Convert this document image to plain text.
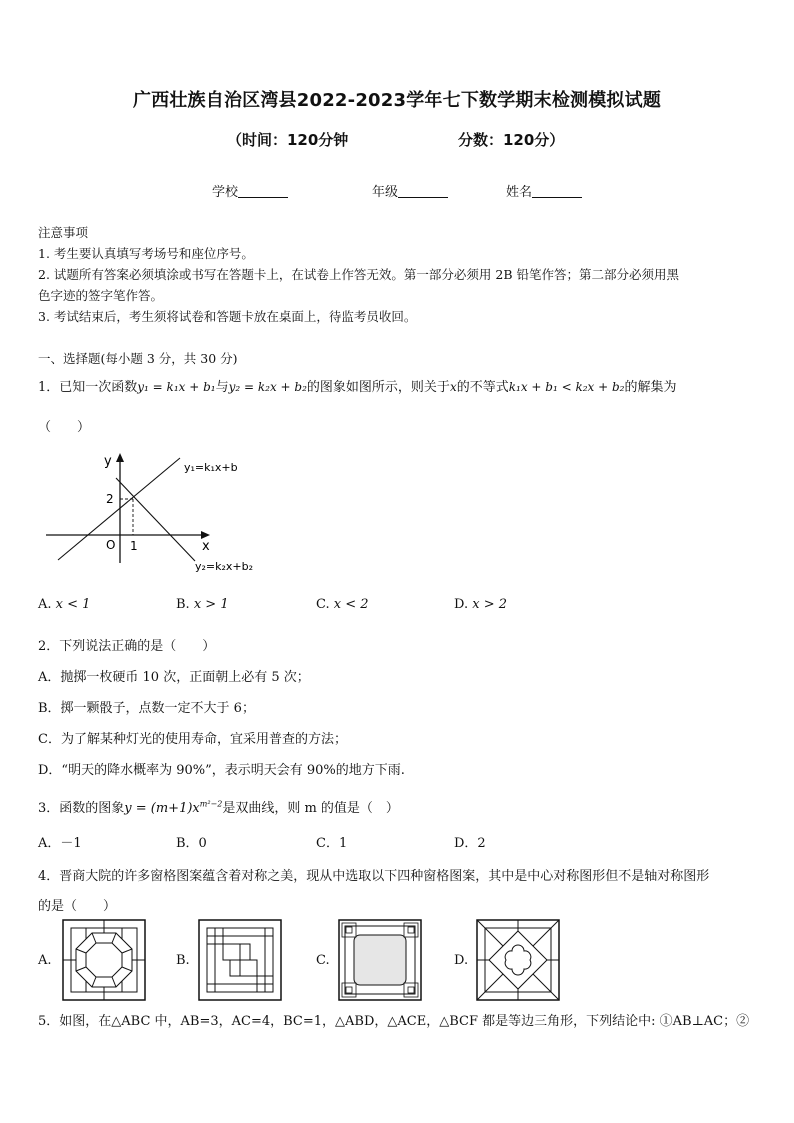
广西壮族自治区湾县2022-2023学年七下数学期末检测模拟试题
（时间：120分钟	分数：120分）
学校	年级	姓名
注意事项
1. 考生要认真填写考场号和座位序号。
2. 试题所有答案必须填涂或书写在答题卡上，在试卷上作答无效。第一部分必须用 2B 铅笔作答；第二部分必须用黑
色字迹的签字笔作答。
3. 考试结束后，考生须将试卷和答题卡放在桌面上，待监考员收回。
一、选择题(每小题 3 分，共 30 分)
1．已知一次函数y₁ = k₁x + b₁与y₂ = k₂x + b₂的图象如图所示，则关于x的不等式k₁x + b₁ < k₂x + b₂的解集为
（　　）
y
x
O 1
2
y₁=k₁x+b
y₂=k₂x+b₂
A. x < 1	B. x > 1	C. x < 2	D. x > 2
2．下列说法正确的是（　　）
A．抛掷一枚硬币 10 次，正面朝上必有 5 次；
B．掷一颗骰子，点数一定不大于 6；
C．为了解某种灯光的使用寿命，宜采用普查的方法；
D．“明天的降水概率为 90%”，表示明天会有 90%的地方下雨.
3．函数的图象$y = (m+1)x^{m^2-2}$是双曲线，则 m 的值是（　）
A．－1	B．0	C．1	D．2
4．晋商大院的许多窗格图案蕴含着对称之美，现从中选取以下四种窗格图案，其中是中心对称图形但不是轴对称图形
的是（　　）
A.	B.	C.	D.
5．如图，在△ABC 中，AB=3，AC=4，BC=1，△ABD，△ACE，△BCF 都是等边三角形，下列结论中: ①AB⊥AC；②
